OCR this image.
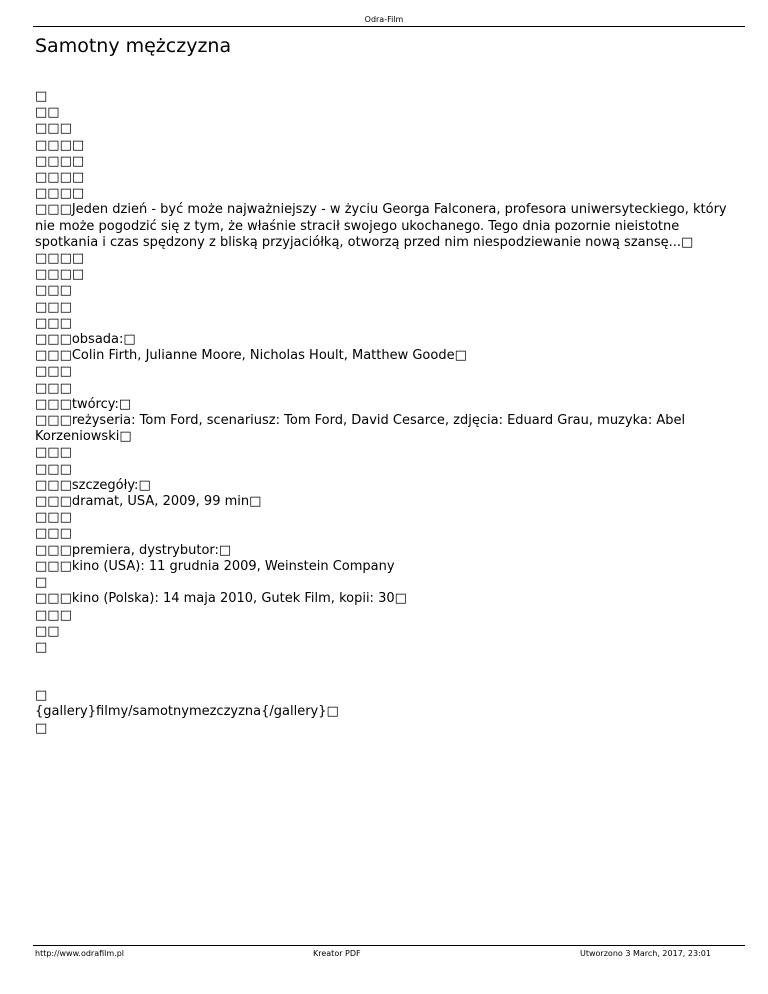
Odra-Film
Samotny mężczyzna
□
□□
□□□
□□□□
□□□□
□□□□
□□□□
□□□Jeden dzień - być może najważniejszy - w życiu Georga Falconera, profesora uniwersyteckiego, który nie może pogodzić się z tym, że właśnie stracił swojego ukochanego. Tego dnia pozornie nieistotne spotkania i czas spędzony z bliską przyjaciółką, otworzą przed nim niespodziewanie nową szansę...□
□□□□
□□□□
□□□
□□□
□□□
□□□obsada:□
□□□Colin Firth, Julianne Moore, Nicholas Hoult, Matthew Goode□
□□□
□□□
□□□twórcy:□
□□□reżyseria: Tom Ford, scenariusz: Tom Ford, David Cesarce, zdjęcia: Eduard Grau, muzyka: Abel Korzeniowski□
□□□
□□□
□□□szczegóły:□
□□□dramat, USA, 2009, 99 min□
□□□
□□□
□□□premiera, dystrybutor:□
□□□kino (USA): 11 grudnia 2009, Weinstein Company
□
□□□kino (Polska): 14 maja 2010, Gutek Film, kopii: 30□
□□□
□□
□
□
{gallery}filmy/samotnymezczyzna{/gallery}□
□
http://www.odrafilm.pl	Kreator PDF	Utworzono 3 March, 2017, 23:01
